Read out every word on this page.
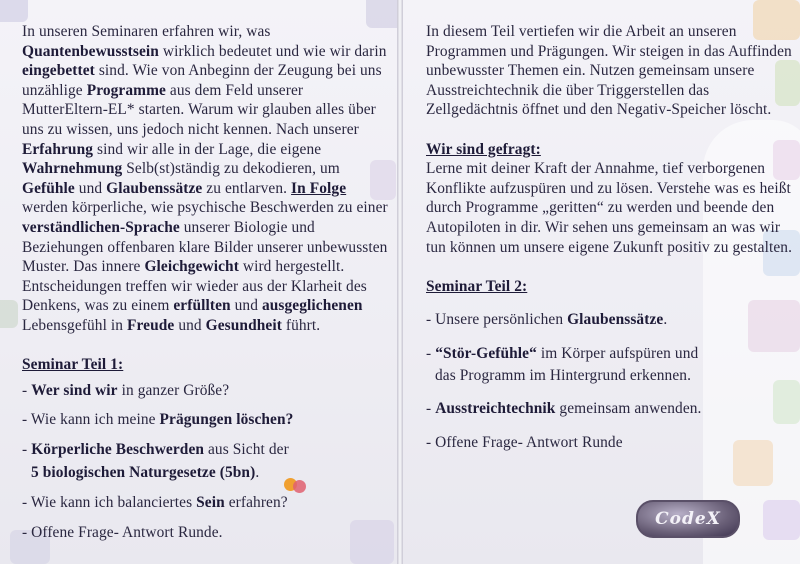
In unseren Seminaren erfahren wir, was Quantenbewusstsein wirklich bedeutet und wie wir darin eingebettet sind. Wie von Anbeginn der Zeugung bei uns unzählige Programme aus dem Feld unserer MutterEltern-EL* starten. Warum wir glauben alles über uns zu wissen, uns jedoch nicht kennen. Nach unserer Erfahrung sind wir alle in der Lage, die eigene Wahrnehmung Selb(st)ständig zu dekodieren, um Gefühle und Glaubenssätze zu entlarven. In Folge werden körperliche, wie psychische Beschwerden zu einer verständlichen-Sprache unserer Biologie und Beziehungen offenbaren klare Bilder unserer unbewussten Muster. Das innere Gleichgewicht wird hergestellt. Entscheidungen treffen wir wieder aus der Klarheit des Denkens, was zu einem erfüllten und ausgeglichenen Lebensgefühl in Freude und Gesundheit führt.

Seminar Teil 1:

- Wer sind wir in ganzer Größe?

- Wie kann ich meine Prägungen löschen?

- Körperliche Beschwerden aus Sicht der

5 biologischen Naturgesetze (5bn).

- Wie kann ich balanciertes Sein erfahren?

- Offene Frage- Antwort Runde.

In diesem Teil vertiefen wir die Arbeit an unseren Programmen und Prägungen. Wir steigen in das Auffinden unbewusster Themen ein. Nutzen gemeinsam unsere Ausstreichtechnik die über Triggerstellen das Zellgedächtnis öffnet und den Negativ-Speicher löscht.

Wir sind gefragt:

Lerne mit deiner Kraft der Annahme, tief verborgenen Konflikte aufzuspüren und zu lösen. Verstehe was es heißt durch Programme „geritten“ zu werden und beende den Autopiloten in dir. Wir sehen uns gemeinsam an was wir tun können um unsere eigene Zukunft positiv zu gestalten.

Seminar Teil 2:

- Unsere persönlichen Glaubenssätze.

- “Stör-Gefühle“ im Körper aufspüren und

das Programm im Hintergrund erkennen.

- Ausstreichtechnik gemeinsam anwenden.

- Offene Frage- Antwort Runde

CodeX
